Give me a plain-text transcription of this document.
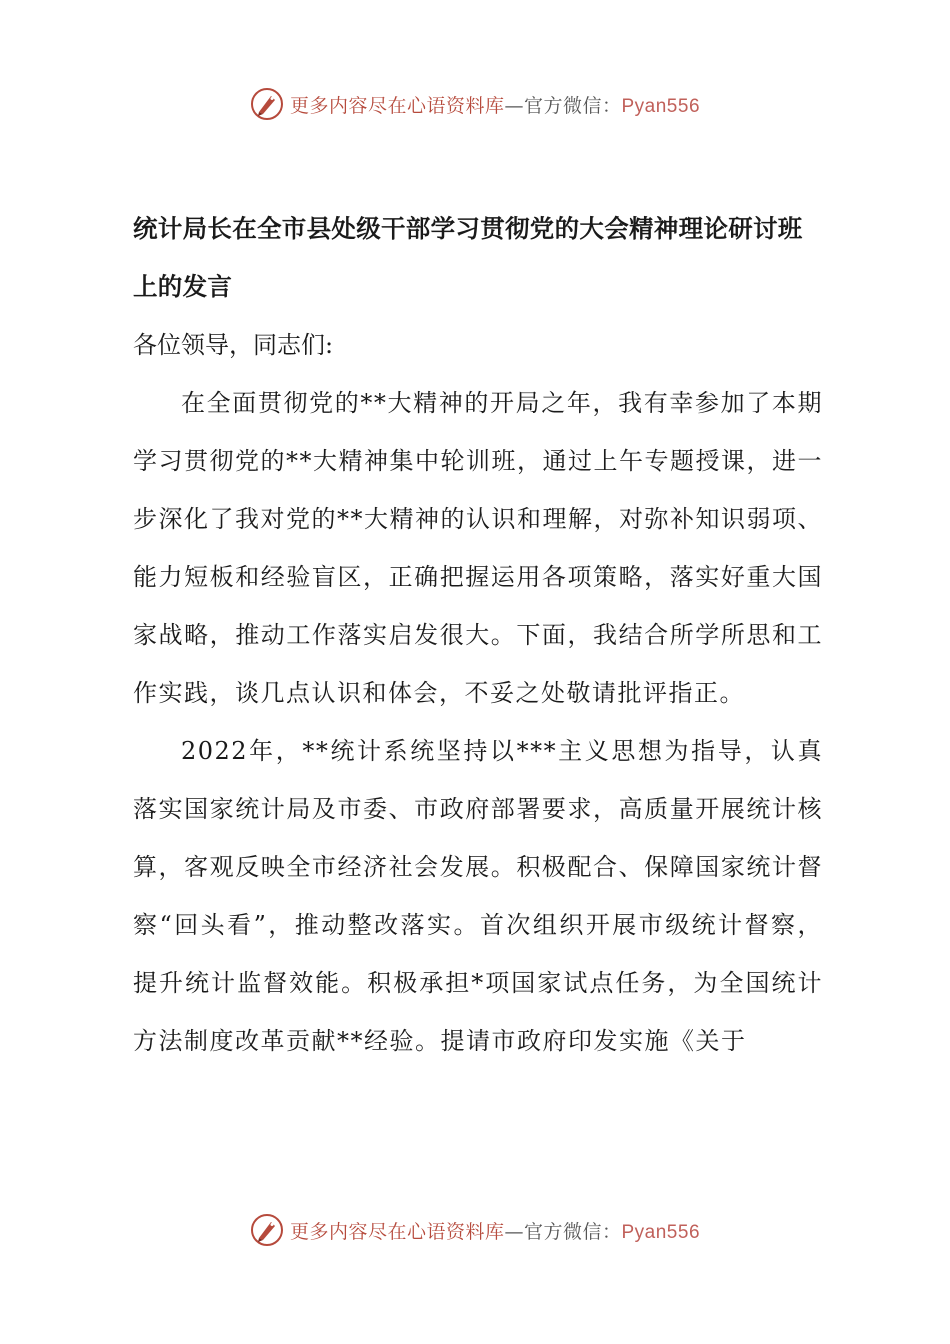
更多内容尽在心语资料库—官方微信：Pyan556
统计局长在全市县处级干部学习贯彻党的大会精神理论研讨班上的发言

各位领导，同志们:

在全面贯彻党的**大精神的开局之年，我有幸参加了本期学习贯彻党的**大精神集中轮训班，通过上午专题授课，进一步深化了我对党的**大精神的认识和理解，对弥补知识弱项、能力短板和经验盲区，正确把握运用各项策略，落实好重大国家战略，推动工作落实启发很大。下面，我结合所学所思和工作实践，谈几点认识和体会，不妥之处敬请批评指正。

2022年，**统计系统坚持以***主义思想为指导，认真落实国家统计局及市委、市政府部署要求，高质量开展统计核算，客观反映全市经济社会发展。积极配合、保障国家统计督察“回头看”，推动整改落实。首次组织开展市级统计督察，提升统计监督效能。积极承担*项国家试点任务，为全国统计方法制度改革贡献**经验。提请市政府印发实施《关于

更多内容尽在心语资料库—官方微信：Pyan556
